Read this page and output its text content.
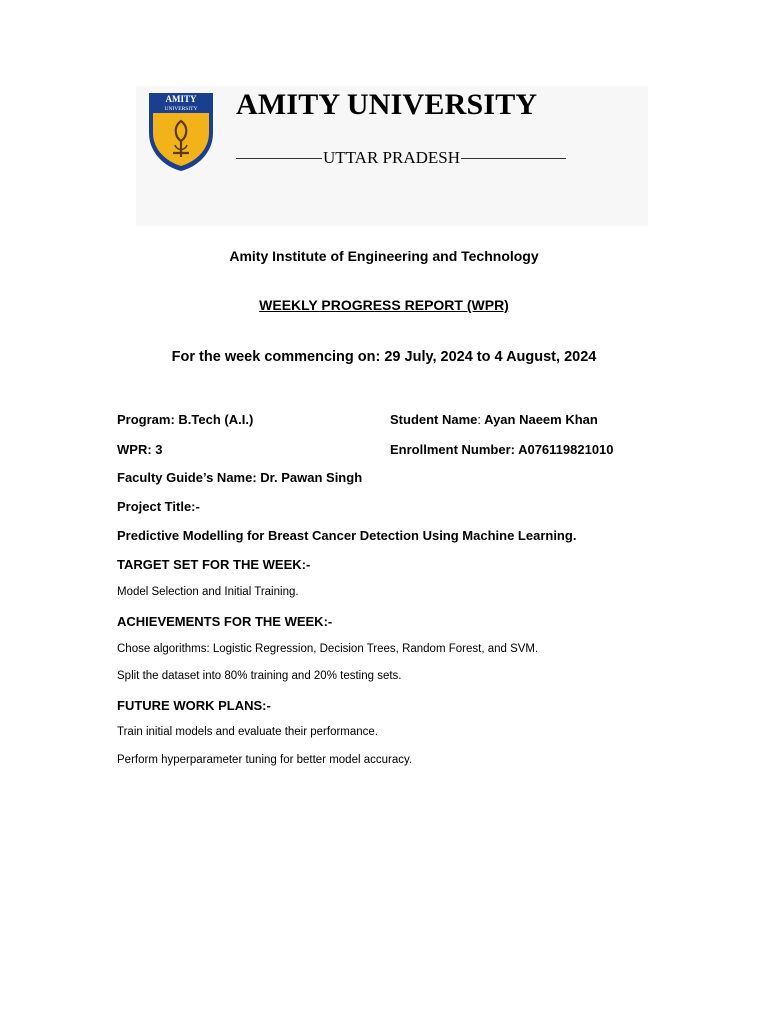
AMITY
UNIVERSITY AMITY UNIVERSITY
UTTAR PRADESH

Amity Institute of Engineering and Technology

WEEKLY PROGRESS REPORT (WPR)

For the week commencing on: 29 July, 2024 to 4 August, 2024

Program: B.Tech (A.I.)	Student Name: Ayan Naeem Khan

WPR: 3	Enrollment Number: A076119821010

Faculty Guide’s Name: Dr. Pawan Singh

Project Title:-

Predictive Modelling for Breast Cancer Detection Using Machine Learning.

TARGET SET FOR THE WEEK:-

Model Selection and Initial Training.

ACHIEVEMENTS FOR THE WEEK:-

Chose algorithms: Logistic Regression, Decision Trees, Random Forest, and SVM.

Split the dataset into 80% training and 20% testing sets.

FUTURE WORK PLANS:-

Train initial models and evaluate their performance.

Perform hyperparameter tuning for better model accuracy.
